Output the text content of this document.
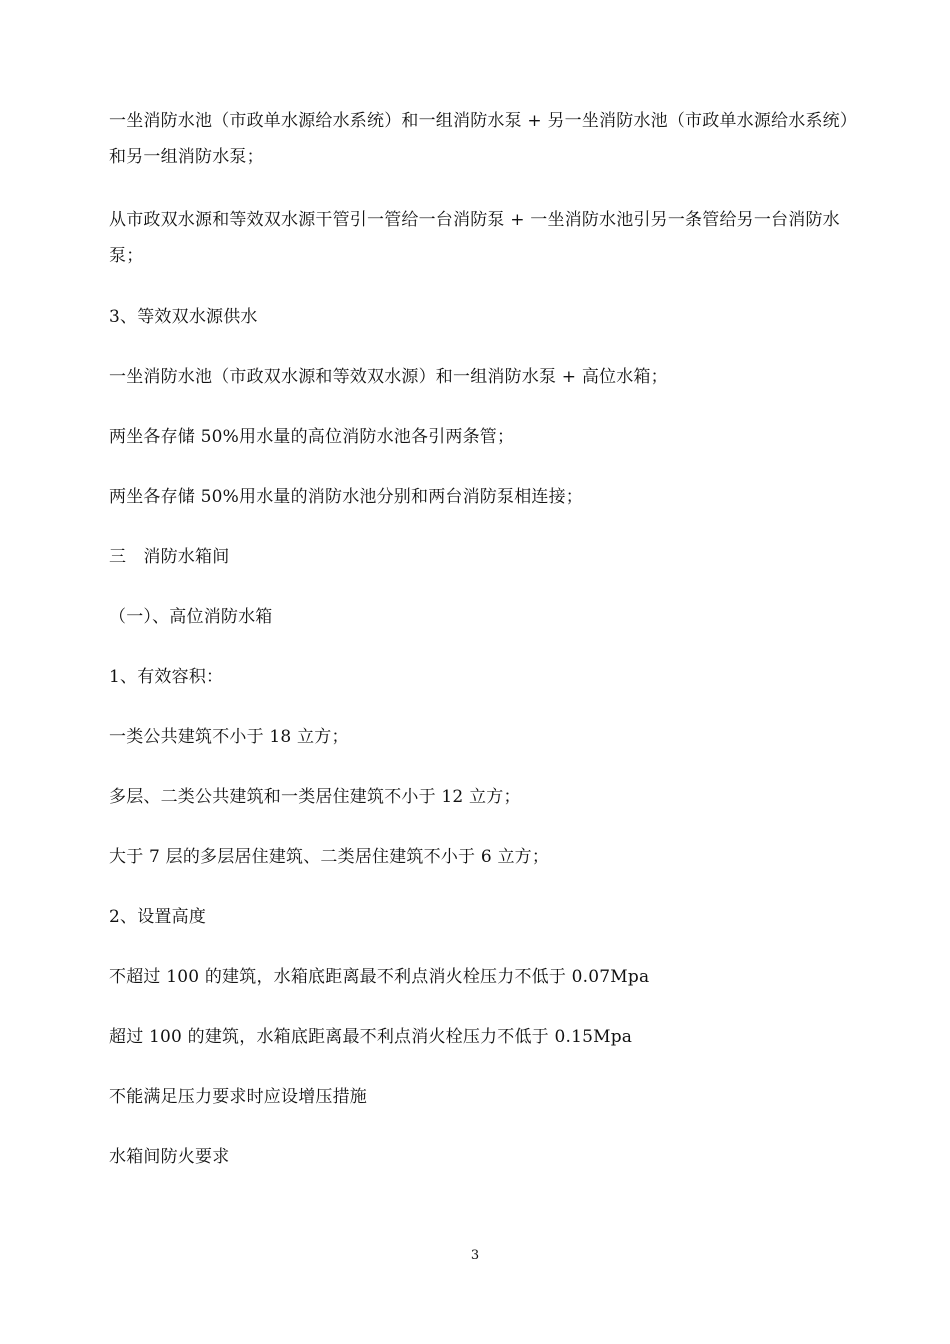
一坐消防水池（市政单水源给水系统）和一组消防水泵 + 另一坐消防水池（市政单水源给水系统）和另一组消防水泵；

从市政双水源和等效双水源干管引一管给一台消防泵 + 一坐消防水池引另一条管给另一台消防水泵；

3、等效双水源供水

一坐消防水池（市政双水源和等效双水源）和一组消防水泵 + 高位水箱；

两坐各存储 50%用水量的高位消防水池各引两条管；

两坐各存储 50%用水量的消防水池分别和两台消防泵相连接；

三　消防水箱间

（一）、高位消防水箱

1、有效容积：

一类公共建筑不小于 18 立方；

多层、二类公共建筑和一类居住建筑不小于 12 立方；

大于 7 层的多层居住建筑、二类居住建筑不小于 6 立方；

2、设置高度

不超过 100 的建筑，水箱底距离最不利点消火栓压力不低于 0.07Mpa

超过 100 的建筑，水箱底距离最不利点消火栓压力不低于 0.15Mpa

不能满足压力要求时应设增压措施

水箱间防火要求

3
